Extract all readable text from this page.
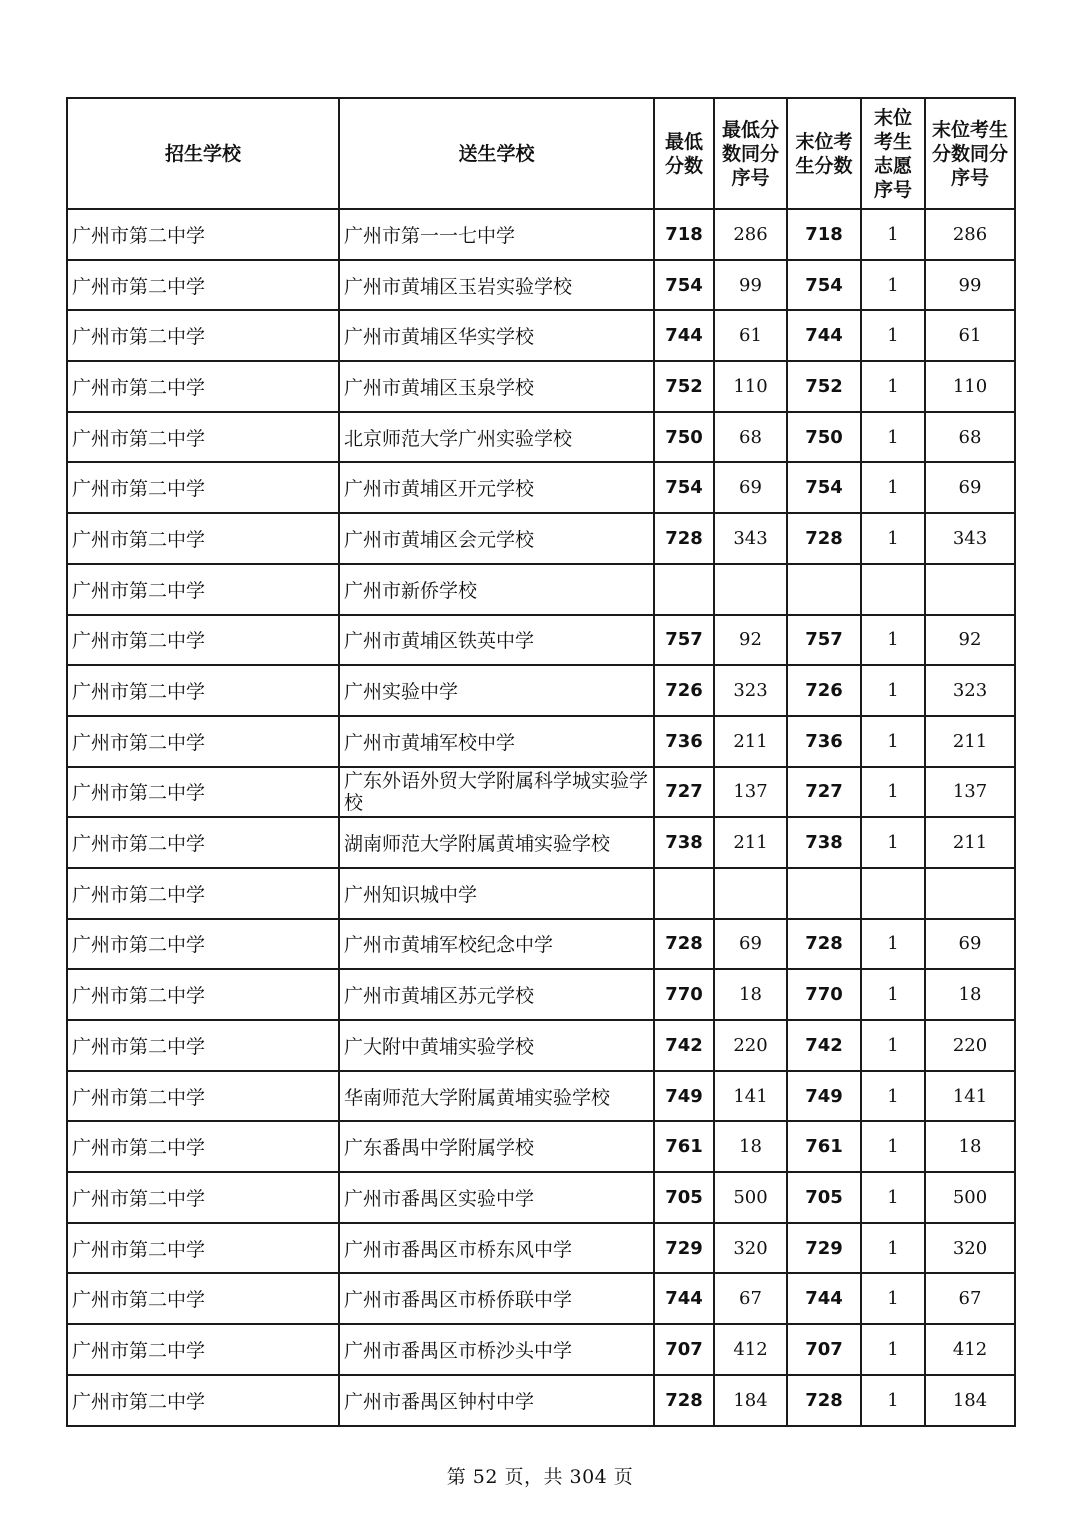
招生学校	送生学校	最低分数	最低分数同分序号	末位考生分数	末位考生志愿序号	末位考生分数同分序号
广州市第二中学	广州市第一一七中学	718	286	718	1	286
广州市第二中学	广州市黄埔区玉岩实验学校	754	99	754	1	99
广州市第二中学	广州市黄埔区华实学校	744	61	744	1	61
广州市第二中学	广州市黄埔区玉泉学校	752	110	752	1	110
广州市第二中学	北京师范大学广州实验学校	750	68	750	1	68
广州市第二中学	广州市黄埔区开元学校	754	69	754	1	69
广州市第二中学	广州市黄埔区会元学校	728	343	728	1	343
广州市第二中学	广州市新侨学校					
广州市第二中学	广州市黄埔区铁英中学	757	92	757	1	92
广州市第二中学	广州实验中学	726	323	726	1	323
广州市第二中学	广州市黄埔军校中学	736	211	736	1	211
广州市第二中学	广东外语外贸大学附属科学城实验学校	727	137	727	1	137
广州市第二中学	湖南师范大学附属黄埔实验学校	738	211	738	1	211
广州市第二中学	广州知识城中学					
广州市第二中学	广州市黄埔军校纪念中学	728	69	728	1	69
广州市第二中学	广州市黄埔区苏元学校	770	18	770	1	18
广州市第二中学	广大附中黄埔实验学校	742	220	742	1	220
广州市第二中学	华南师范大学附属黄埔实验学校	749	141	749	1	141
广州市第二中学	广东番禺中学附属学校	761	18	761	1	18
广州市第二中学	广州市番禺区实验中学	705	500	705	1	500
广州市第二中学	广州市番禺区市桥东风中学	729	320	729	1	320
广州市第二中学	广州市番禺区市桥侨联中学	744	67	744	1	67
广州市第二中学	广州市番禺区市桥沙头中学	707	412	707	1	412
广州市第二中学	广州市番禺区钟村中学	728	184	728	1	184
第 52 页，共 304 页
